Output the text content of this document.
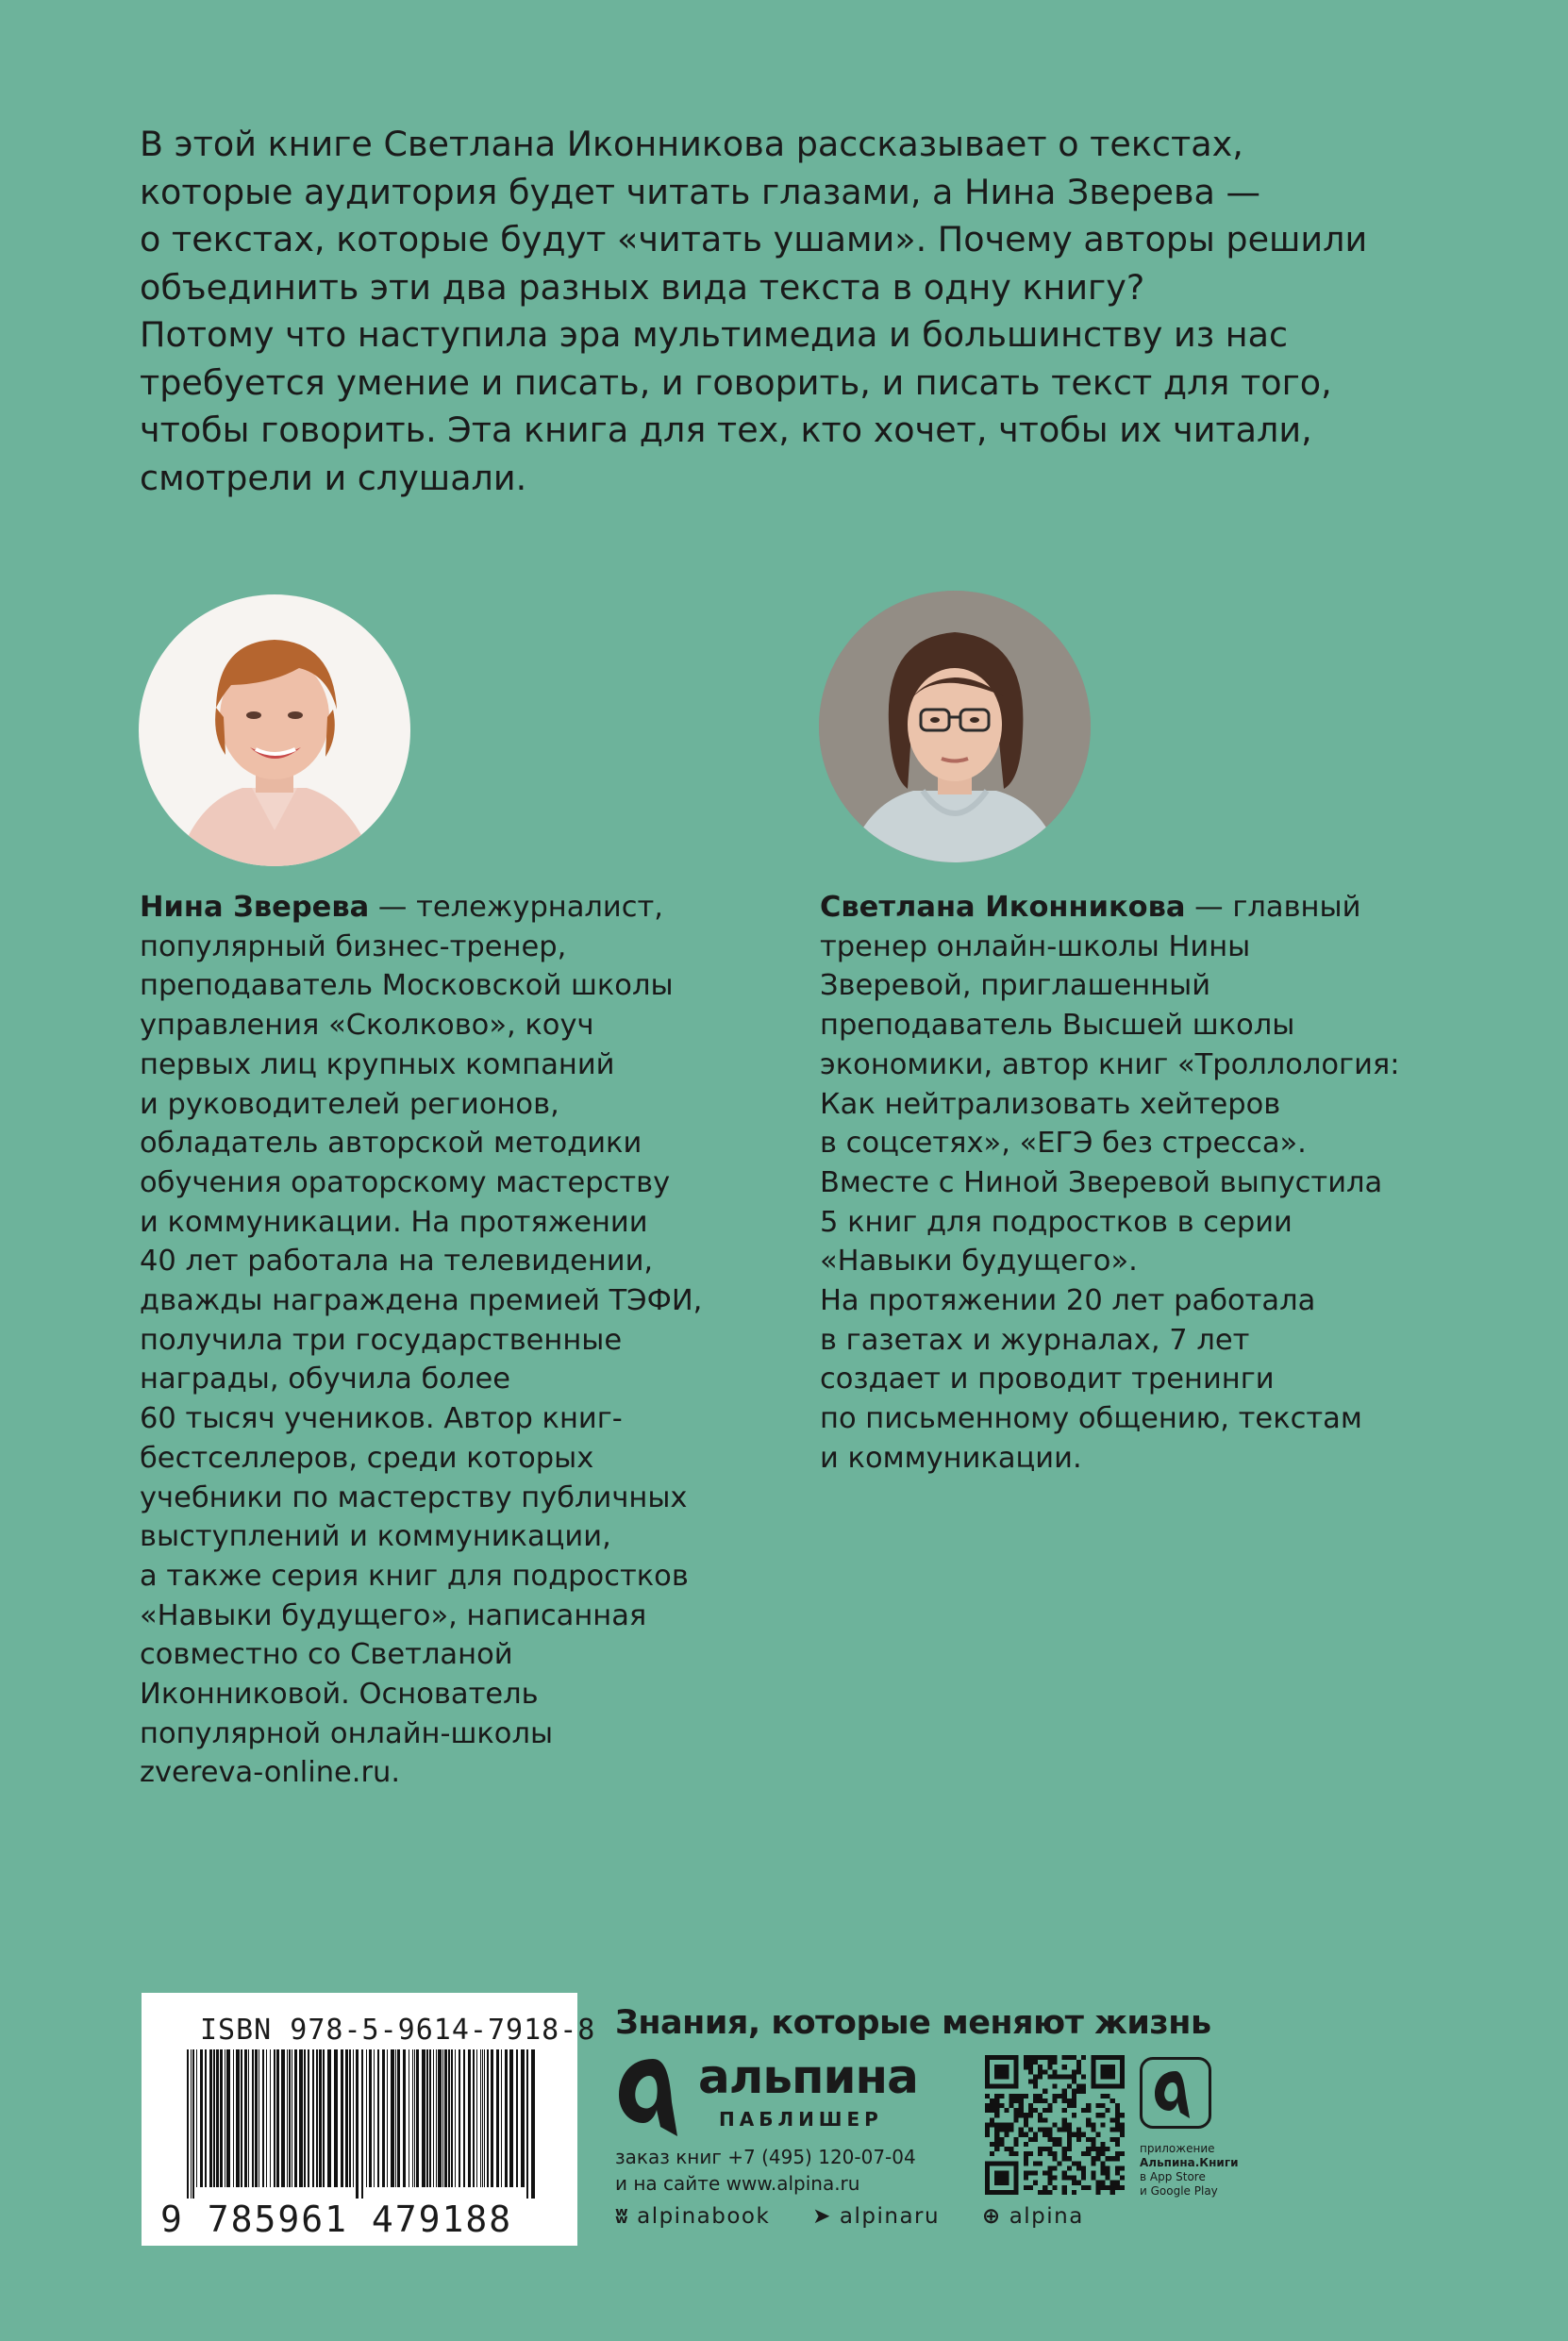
В этой книге Светлана Иконникова рассказывает о текстах,
которые аудитория будет читать глазами, а Нина Зверева —
о текстах, которые будут «читать ушами». Почему авторы решили
объединить эти два разных вида текста в одну книгу?
Потому что наступила эра мультимедиа и большинству из нас
требуется умение и писать, и говорить, и писать текст для того,
чтобы говорить. Эта книга для тех, кто хочет, чтобы их читали,
смотрели и слушали.
Нина Зверева — тележурналист,
популярный бизнес-тренер,
преподаватель Московской школы
управления «Сколково», коуч
первых лиц крупных компаний
и руководителей регионов,
обладатель авторской методики
обучения ораторскому мастерству
и коммуникации. На протяжении
40 лет работала на телевидении,
дважды награждена премией ТЭФИ,
получила три государственные
награды, обучила более
60 тысяч учеников. Автор книг-
бестселлеров, среди которых
учебники по мастерству публичных
выступлений и коммуникации,
а также серия книг для подростков
«Навыки будущего», написанная
совместно со Светланой
Иконниковой. Основатель
популярной онлайн-школы
zvereva-online.ru.
Светлана Иконникова — главный
тренер онлайн-школы Нины
Зверевой, приглашенный
преподаватель Высшей школы
экономики, автор книг «Троллология:
Как нейтрализовать хейтеров
в соцсетях», «ЕГЭ без стресса».
Вместе с Ниной Зверевой выпустила
5 книг для подростков в серии
«Навыки будущего».
На протяжении 20 лет работала
в газетах и журналах, 7 лет
создает и проводит тренинги
по письменному общению, текстам
и коммуникации.
ISBN 978-5-9614-7918-8
9 785961 479188
Знания, которые меняют жизнь
альпина
ПАБЛИШЕР
заказ книг +7 (495) 120-07-04
и на сайте www.alpina.ru
ʬ alpinabook ➤ alpinaru ⊕ alpina
приложение
Альпина.Книги
в App Store
и Google Play
